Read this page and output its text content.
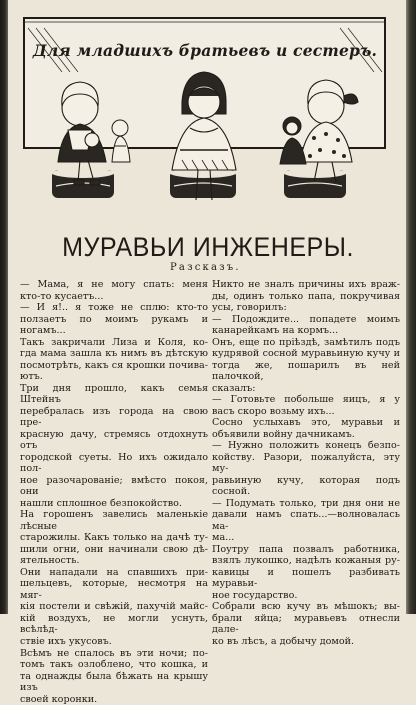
Для младшихъ братьевъ и сестеръ.
МУРАВЬИ ИНЖЕНЕРЫ.
Разсказъ.

— Мама, я не могу спать: меня

кто-то кусаетъ...

— И я!.. я тоже не сплю: кто-то

ползаетъ по моимъ рукамъ и ногамъ...

Такъ закричали Лиза и Коля, ко-

гда мама зашла къ нимъ въ дѣтскую

посмотрѣть, какъ ся крошки почива-

ютъ.

Три дня прошло, какъ семья Штейнъ

перебралась изъ города на свою пре-

красную дачу, стремясь отдохнуть отъ

городской суеты. Но ихъ ожидало пол-

ное разочарованіе; вмѣсто покоя, они

нашли сплошное безпокойство.

На горошенъ завелись маленькіе лѣсные

старожилы. Какъ только на дачѣ ту-

шили огни, они начинали свою дѣ-

ятельность.

Они нападали на спавшихъ при-

шельцевъ, которые, несмотря на мяг-

кія постели и свѣжій, пахучій майс-

кій воздухъ, не могли уснуть, всѣлѣд-

ствіе ихъ укусовъ.

Всѣмъ не спалось въ эти ночи; по-

томъ такъ озлоблено, что кошка, и

та однажды была бѣжать на крышу изъ

своей коронки.

Никто не зналъ причины ихъ враж-

ды, одинъ только папа, покручивая

усы, говорилъ:

— Подождите... попадете моимъ

канарейкамъ на кормъ...

Онъ, еще по пріѣздѣ, замѣтилъ подъ

кудрявой сосной муравьиную кучу и

тогда же, пошарилъ въ ней палочкой,

сказалъ:

— Готовьте побольше яицъ, я у

васъ скоро возьму ихъ...

Сосно услыхавъ это, муравьи и

объявили войну дачникамъ.

— Нужно положить конецъ безпо-

койству. Разори, пожалуйста, эту му-

равьиную кучу, которая подъ сосной.

— Подумать только, три дня они не

давали намъ спать...—волновалась ма-

ма...

Поутру папа позвалъ работника,

взялъ лукошко, надѣлъ кожаныя ру-

кавицы и пошелъ разбивать муравьи-

ное государство.

Собрали всю кучу въ мѣшокъ; вы-

брали яйца; муравьевъ отнесли дале-

ко въ лѣсъ, а добычу домой.
